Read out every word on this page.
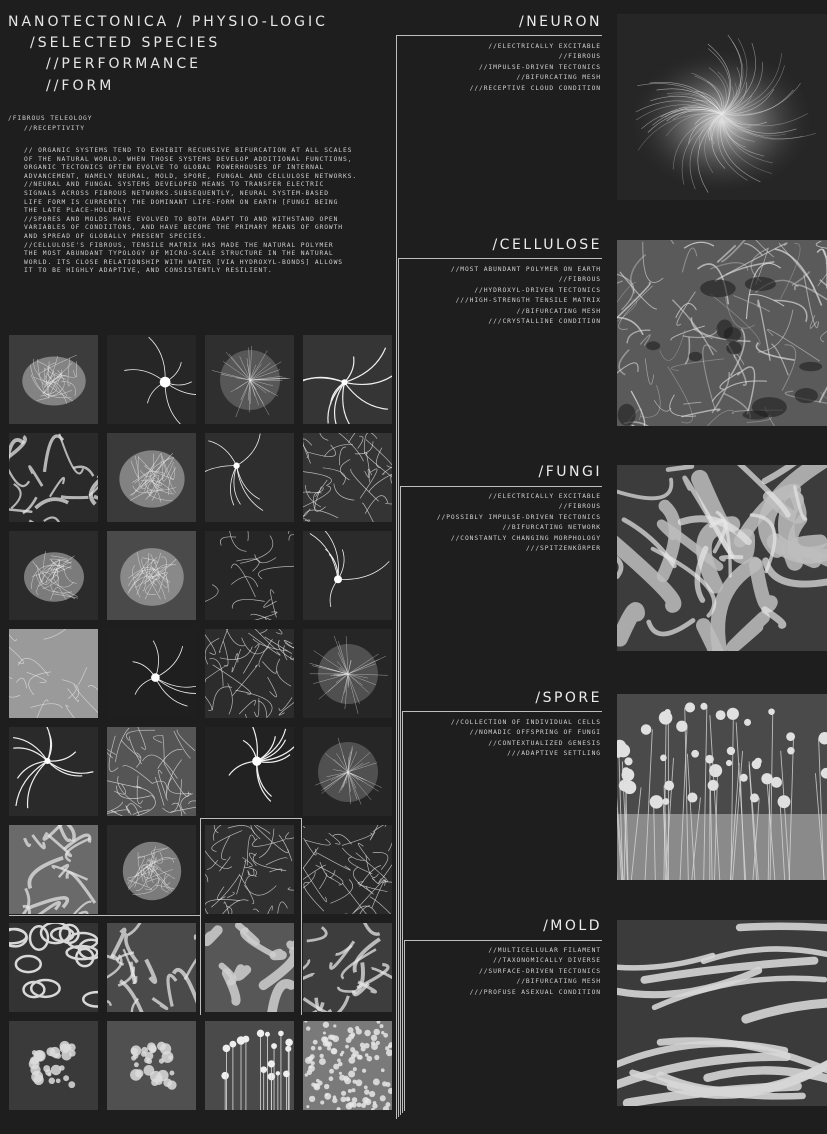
NANOTECTONICA / PHYSIO-LOGIC
/SELECTED SPECIES
//PERFORMANCE
//FORM
/FIBROUS TELEOLOGY
//RECEPTIVITY
// ORGANIC SYSTEMS TEND TO EXHIBIT RECURSIVE BIFURCATION AT ALL SCALES
OF THE NATURAL WORLD. WHEN THOSE SYSTEMS DEVELOP ADDITIONAL FUNCTIONS,
ORGANIC TECTONICS OFTEN EVOLVE TO GLOBAL POWERHOUSES OF INTERNAL
ADVANCEMENT, NAMELY NEURAL, MOLD, SPORE, FUNGAL AND CELLULOSE NETWORKS.
//NEURAL AND FUNGAL SYSTEMS DEVELOPED MEANS TO TRANSFER ELECTRIC
SIGNALS ACROSS FIBROUS NETWORKS.SUBSEQUENTLY, NEURAL SYSTEM-BASED
LIFE FORM IS CURRENTLY THE DOMINANT LIFE-FORM ON EARTH [FUNGI BEING
THE LATE PLACE-HOLDER].
//SPORES AND MOLDS HAVE EVOLVED TO BOTH ADAPT TO AND WITHSTAND OPEN
VARIABLES OF CONDIITONS, AND HAVE BECOME THE PRIMARY MEANS OF GROWTH
AND SPREAD OF GLOBALLY PRESENT SPECIES.
//CELLULOSE'S FIBROUS, TENSILE MATRIX HAS MADE THE NATURAL POLYMER
THE MOST ABUNDANT TYPOLOGY OF MICRO-SCALE STRUCTURE IN THE NATURAL
WORLD. ITS CLOSE RELATIONSHIP WITH WATER [VIA HYDROXYL-BONDS] ALLOWS
IT TO BE HIGHLY ADAPTIVE, AND CONSISTENTLY RESILIENT.
/NEURON
//ELECTRICALLY EXCITABLE
//FIBROUS
//IMPULSE-DRIVEN TECTONICS
//BIFURCATING MESH
///RECEPTIVE CLOUD CONDITION
/CELLULOSE
//MOST ABUNDANT POLYMER ON EARTH
//FIBROUS
//HYDROXYL-DRIVEN TECTONICS
///HIGH-STRENGTH TENSILE MATRIX
//BIFURCATING MESH
///CRYSTALLINE CONDITION
/FUNGI
//ELECTRICALLY EXCITABLE
//FIBROUS
//POSSIBLY IMPULSE-DRIVEN TECTONICS
//BIFURCATING NETWORK
//CONSTANTLY CHANGING MORPHOLOGY
///SPITZENKÖRPER
/SPORE
//COLLECTION OF INDIVIDUAL CELLS
//NOMADIC OFFSPRING OF FUNGI
//CONTEXTUALIZED GENESIS
///ADAPTIVE SETTLING
/MOLD
//MULTICELLULAR FILAMENT
//TAXONOMICALLY DIVERSE
//SURFACE-DRIVEN TECTONICS
//BIFURCATING MESH
///PROFUSE ASEXUAL CONDITION
